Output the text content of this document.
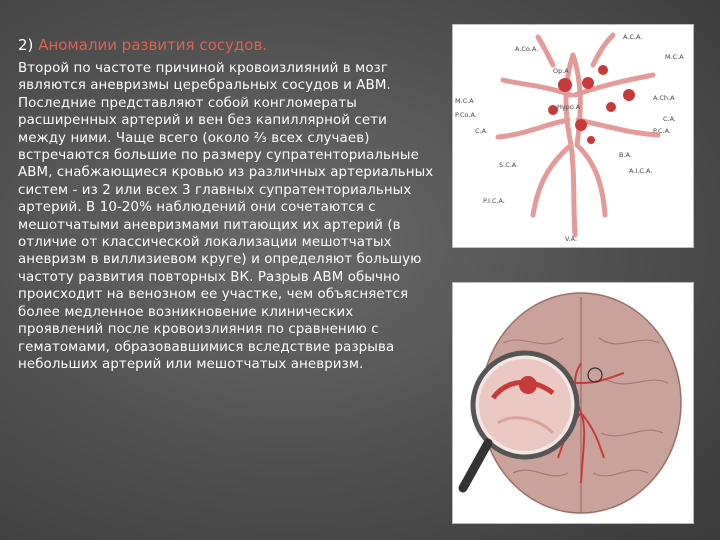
2) Аномалии развития сосудов.
Второй по частоте причиной кровоизлияний в мозг являются аневризмы церебральных сосудов и АВМ. Последние представляют собой конгломераты расширенных артерий и вен без капиллярной сети между ними. Чаще всего (около ⅔ всех случаев) встречаются большие по размеру супратенториальные АВМ, снабжающиеся кровью из различных артериальных систем - из 2 или всех 3 главных супратенториальных артерий. В 10-20% наблюдений они сочетаются с мешотчатыми аневризмами питающих их артерий (в отличие от классической локализации мешотчатых аневризм в виллизиевом круге) и определяют большую частоту развития повторных ВК. Разрыв АВМ обычно происходит на венозном ее участке, чем объясняется более медленное возникновение клинических проявлений после кровоизлияния по сравнению с гематомами, образовавшимися вследствие разрыва небольших артерий или мешотчатых аневризм.
A.C.A.
A.Co.A.
Op.A
M.C.A
M.C.A	A.Ch.A
P.Co.A.
Hypo.A
C.A.
C.A.
P.C.A.
B.A.
S.C.A.
A.I.C.A.
P.I.C.A.
V.A.
